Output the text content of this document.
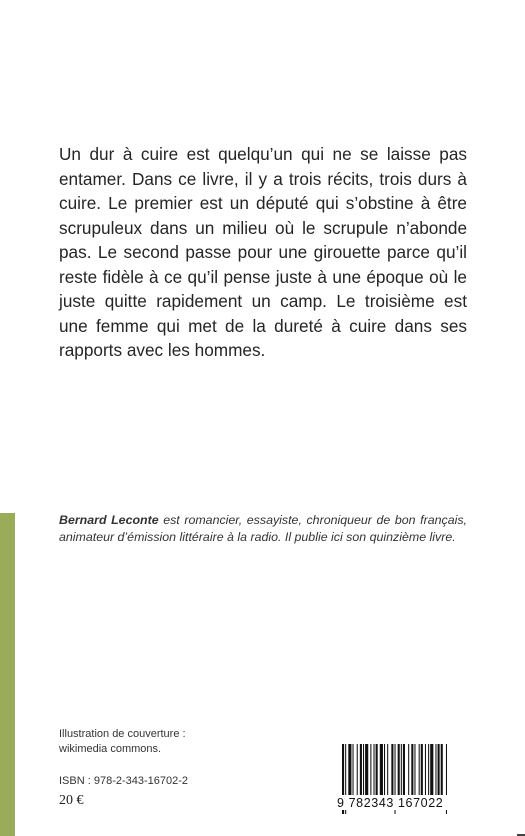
Un dur à cuire est quelqu’un qui ne se laisse pas entamer. Dans ce livre, il y a trois récits, trois durs à cuire. Le premier est un député qui s’obstine à être scrupuleux dans un milieu où le scrupule n’abonde pas. Le second passe pour une girouette parce qu’il reste fidèle à ce qu’il pense juste à une époque où le juste quitte rapidement un camp. Le troisième est une femme qui met de la dureté à cuire dans ses rapports avec les hommes.

Bernard Leconte est romancier, essayiste, chroniqueur de bon français, animateur d’émission littéraire à la radio. Il publie ici son quinzième livre.

Illustration de couverture :
wikimedia commons.

ISBN : 978-2-343-16702-2

20 €	9 782343 167022
